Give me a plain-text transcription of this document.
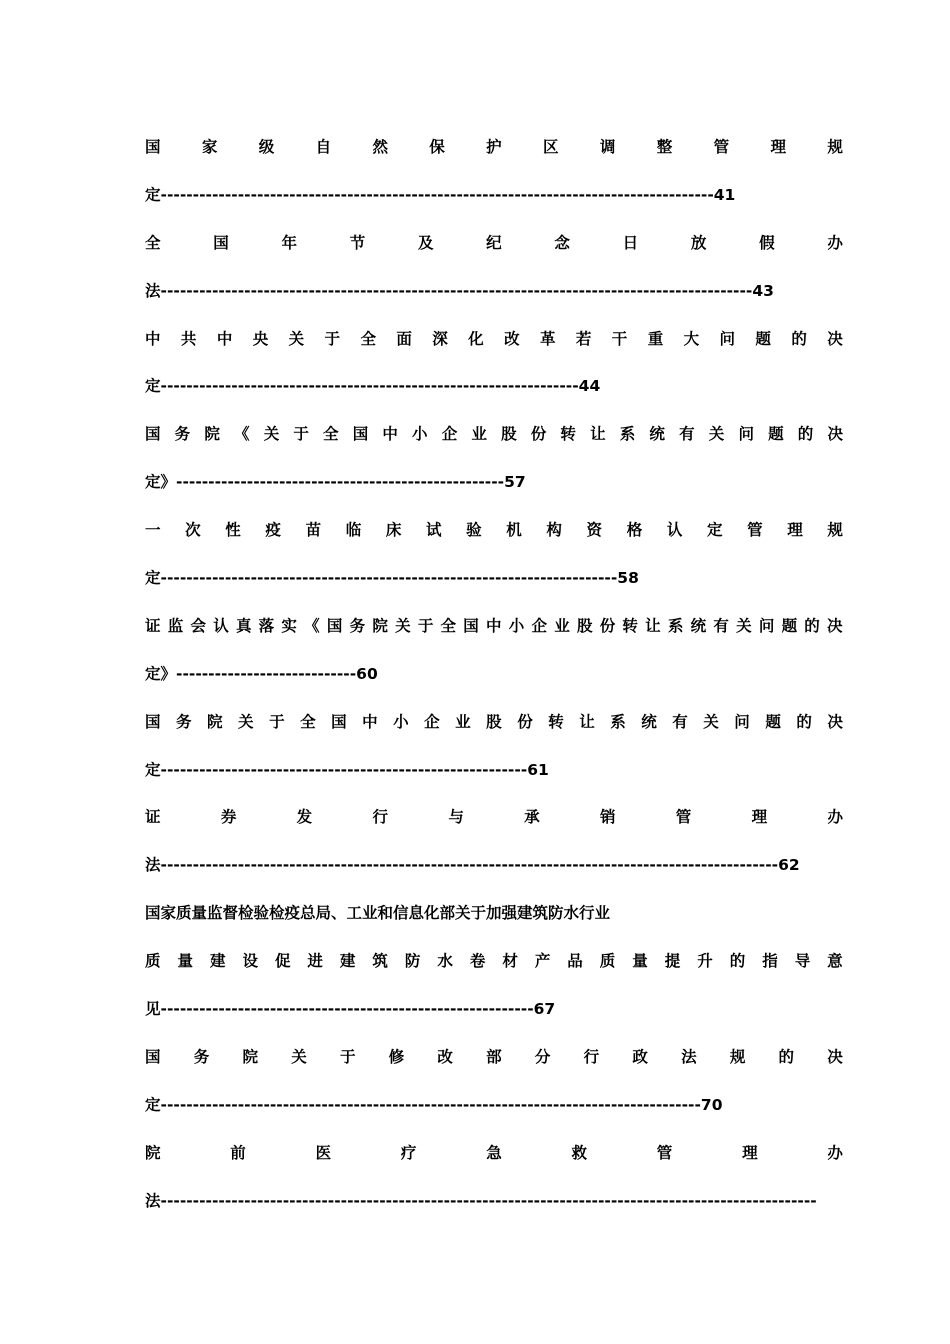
国	家	级	自	然	保	护	区	调	整	管	理	规
定 -------------------------------------------------------------------------------------- 41
全	国	年	节	及	纪	念	日	放	假	办
法 -------------------------------------------------------------------------------------------- 43
中 共 中 央 关 于 全 面 深 化 改 革 若 干 重 大 问 题 的 决
定 ----------------------------------------------------------------- 44
国 务 院 《 关 于 全 国 中 小 企 业 股 份 转 让 系 统 有 关 问 题 的 决
定》 --------------------------------------------------- 57
一 次 性 疫 苗 临 床 试 验 机 构 资 格 认 定 管 理 规
定 ----------------------------------------------------------------------- 58
证 监 会 认 真 落 实 《 国 务 院 关 于 全 国 中 小 企 业 股 份 转 让 系 统 有 关 问 题 的 决
定》 ---------------------------- 60
国 务 院 关 于 全 国 中 小 企 业 股 份 转 让 系 统 有 关 问 题 的 决
定 --------------------------------------------------------- 61
证	券	发	行	与	承	销	管	理	办
法 ------------------------------------------------------------------------------------------------ 62
国家质量监督检验检疫总局、工业和信息化部关于加强建筑防水行业
质 量 建 设 促 进 建 筑 防 水 卷 材 产 品 质 量 提 升 的 指 导 意
见 ---------------------------------------------------------- 67
国 务 院 关 于 修 改 部 分 行 政 法 规 的 决
定 ------------------------------------------------------------------------------------ 70
院	前	医	疗	急	救	管	理	办
法 ------------------------------------------------------------------------------------------------------
